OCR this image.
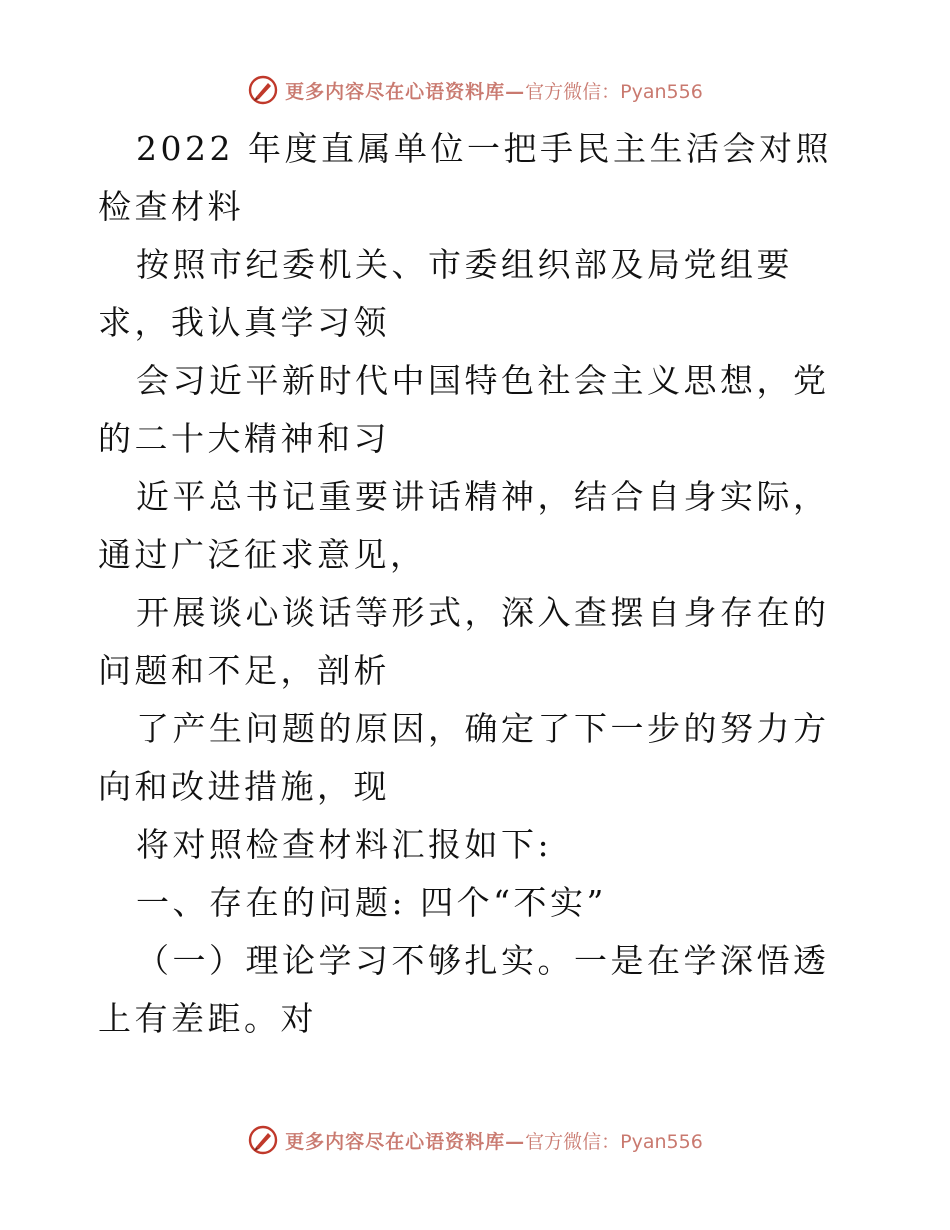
更多内容尽在心语资料库— 官方微信：Pyan556

2022 年度直属单位一把手民主生活会对照检查材料

按照市纪委机关、市委组织部及局党组要求，我认真学习领

会习近平新时代中国特色社会主义思想，党的二十大精神和习

近平总书记重要讲话精神，结合自身实际，通过广泛征求意见，

开展谈心谈话等形式，深入查摆自身存在的问题和不足，剖析

了产生问题的原因，确定了下一步的努力方向和改进措施，现

将对照检查材料汇报如下:

一、存在的问题: 四个“不实”

（一）理论学习不够扎实。一是在学深悟透上有差距。对

更多内容尽在心语资料库— 官方微信：Pyan556
